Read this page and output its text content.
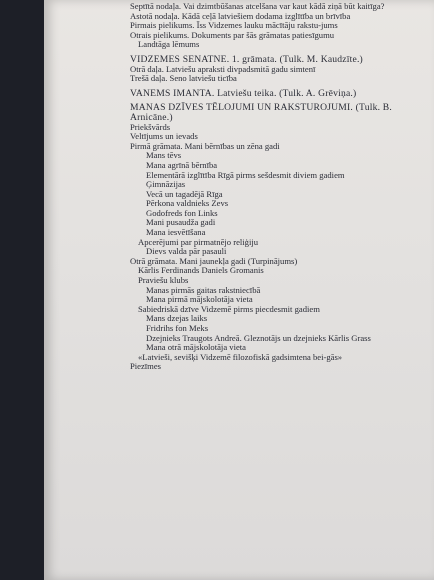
Septītā nodaļa. Vai dzimtbūšanas atcelšana var kaut kādā ziņā būt kaitīga?
Astotā nodaļa. Kādā ceļā latviešiem dodama izglītība un brīvība
Pirmais pielikums. Īss Vidzemes lauku mācītāju rakstu-jums
Otrais pielikums. Dokuments par šās grāmatas patiesīgumu
Landtāga lēmums
VIDZEMES SENATNE. 1. grāmata. (Tulk. M. Kaudzīte.)
Otrā daļa. Latviešu apraksti divpadsmitā gadu simtenī
Trešā daļa. Seno latviešu ticība
VANEMS IMANTA. Latviešu teika. (Tulk. A. Grēviņa.)
MANAS DZĪVES TĒLOJUMI UN RAKSTUROJUMI. (Tulk. B. Arnicāne.)
Priekšvārds
Veltījums un ievads
Pirmā grāmata. Mani bērnības un zēna gadi
Mans tēvs
Mana agrīnā bērnība
Elementārā izglītība Rīgā pirms sešdesmit diviem gadiem
Ģimnāzijas
Vecā un tagadējā Rīga
Pērkona valdnieks Zevs
Godofreds fon Links
Mani pusaudža gadi
Mana iesvētīšana
Apcerējumi par pirmatnējo reliģiju
Dievs valda pār pasauli
Otrā grāmata. Mani jaunekļa gadi (Turpinājums)
Kārlis Ferdinands Daniels Gromanis
Praviešu klubs
Manas pirmās gaitas rakstniecībā
Mana pirmā mājskolotāja vieta
Sabiedriskā dzīve Vidzemē pirms piecdesmit gadiem
Mans dzejas laiks
Fridrihs fon Meks
Dzejnieks Traugots Andreā. Gleznotājs un dzejnieks Kārlis Grass
Mana otrā mājskolotāja vieta
«Latvieši, sevišķi Vidzemē filozofiskā gadsimtena bei-gās»
Piezīmes
